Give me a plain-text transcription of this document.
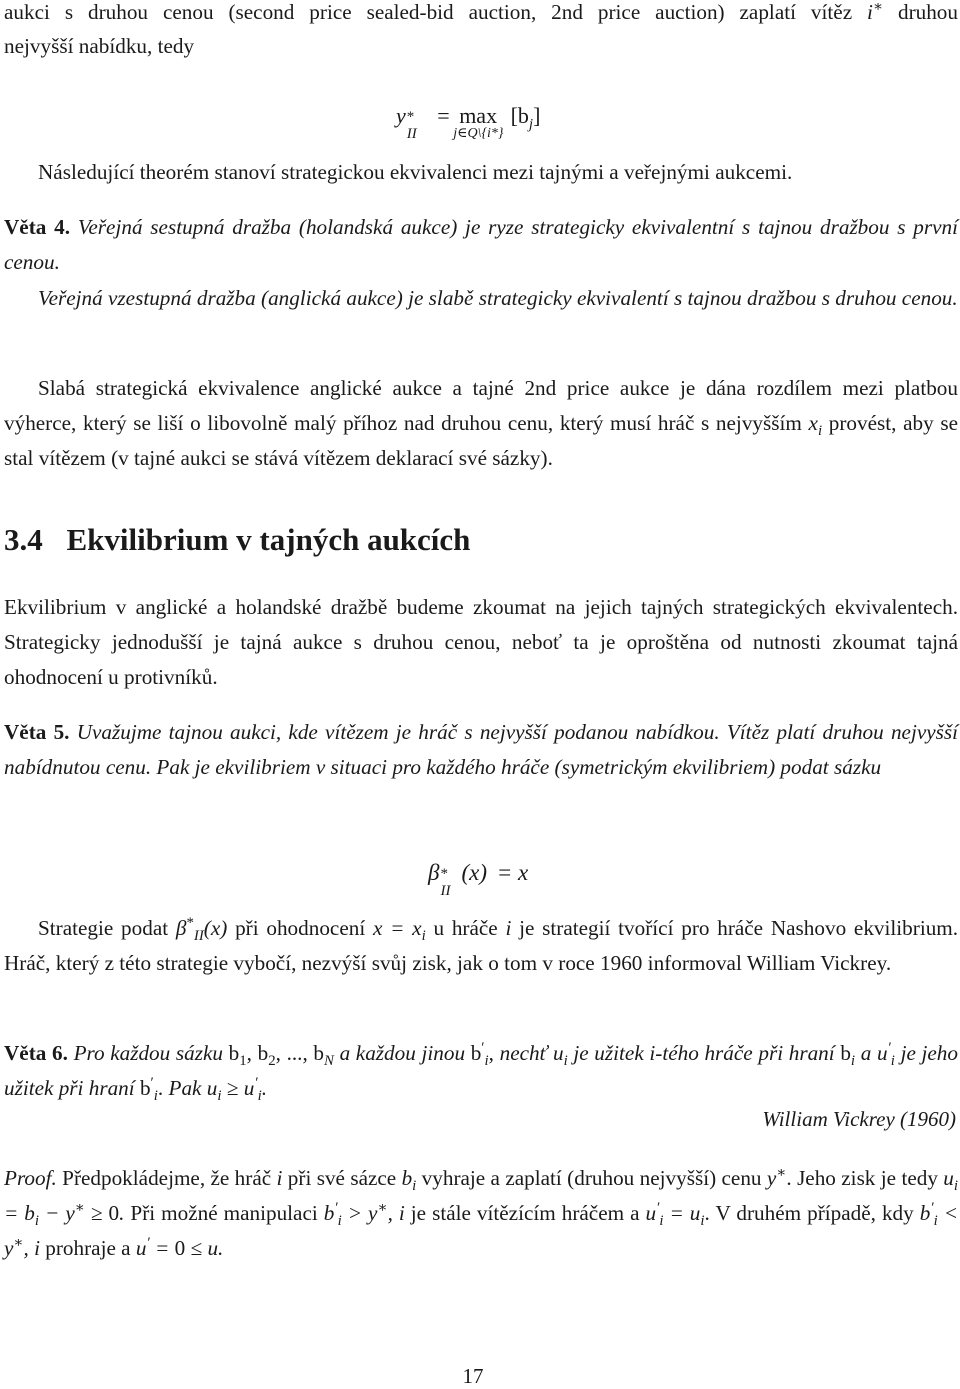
aukci s druhou cenou (second price sealed-bid auction, 2nd price auction) zaplatí vítěz i∗ druhou
nejvyšší nabídku, tedy
y *
II
= max
j∈Q\{i*}
$[b_j]$
Následující theorém stanoví strategickou ekvivalenci mezi tajnými a veřejnými aukcemi.
Věta 4. Veřejná sestupná dražba (holandská aukce) je ryze strategicky ekvivalentní s tajnou dražbou s první cenou.
Veřejná vzestupná dražba (anglická aukce) je slabě strategicky ekvivalentí s tajnou dražbou s druhou cenou.
Slabá strategická ekvivalence anglické aukce a tajné 2nd price aukce je dána rozdílem mezi platbou výherce, který se liší o libovolně malý příhoz nad druhou cenu, který musí hráč s nejvyšším $x_i$ provést, aby se stal vítězem (v tajné aukci se stává vítězem deklarací své sázky).
3.4 Ekvilibrium v tajných aukcích
Ekvilibrium v anglické a holandské dražbě budeme zkoumat na jejich tajných strategických ekvivalentech. Strategicky jednodušší je tajná aukce s druhou cenou, neboť ta je oproštěna od nutnosti zkoumat tajná ohodnocení u protivníků.
Věta 5. Uvažujme tajnou aukci, kde vítězem je hráč s nejvyšší podanou nabídkou. Vítěz platí druhou nejvyšší nabídnutou cenu. Pak je ekvilibriem v situaci pro každého hráče (symetrickým ekvilibriem) podat sázku
β *
II
(x) = x
Strategie podat $\beta^*_{II}(x)$ při ohodnocení $x = x_i$ u hráče i je strategií tvořící pro hráče Nashovo ekvilibrium. Hráč, který z této strategie vybočí, nezvýší svůj zisk, jak o tom v roce 1960 informoval William Vickrey.
Věta 6. Pro každou sázku $b_1$, $b_2$, ..., $b_N$ a každou jinou $b'_i$, nechť $u_i$ je užitek i-tého hráče při hraní $b_i$ a $u'_i$ je jeho užitek při hraní $b'_i$. Pak $u_i \ge u'_i$.
William Vickrey (1960)
Proof. Předpokládejme, že hráč i při své sázce $b_i$ vyhraje a zaplatí (druhou nejvyšší) cenu y∗. Jeho zisk je tedy $u_i = b_i - y^∗ \ge 0$. Při možné manipulaci $b'_i > y^∗$, i je stále vítězícím hráčem a $u'_i = u_i$. V druhém případě, kdy $b'_i < y^∗$, i prohraje a u′ = 0 ≤ u.
17
